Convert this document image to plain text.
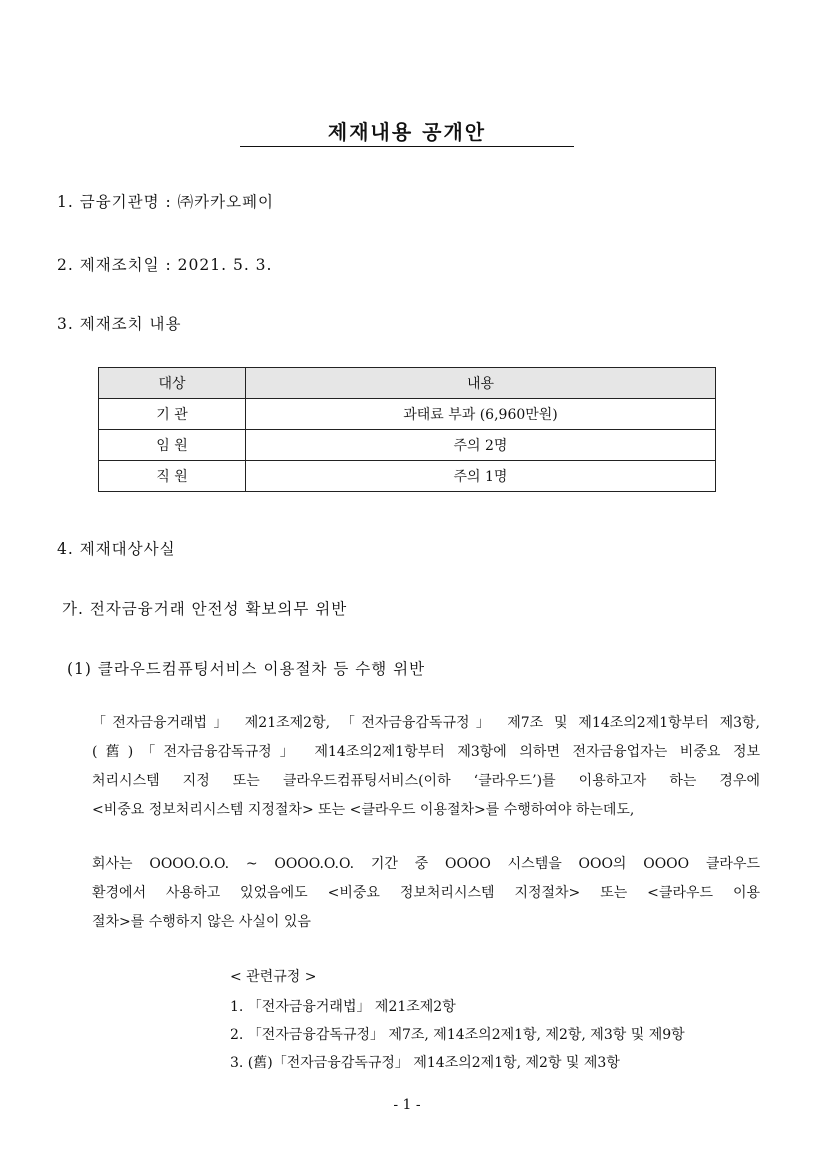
제재내용 공개안
1. 금융기관명 : ㈜카카오페이
2. 제재조치일 : 2021. 5. 3.
3. 제재조치 내용
대상	내용
기 관	과태료 부과 (6,960만원)
임 원	주의 2명
직 원	주의 1명
4. 제재대상사실
가. 전자금융거래 안전성 확보의무 위반
(1) 클라우드컴퓨팅서비스 이용절차 등 수행 위반
「전자금융거래법」 제21조제2항, 「전자금융감독규정」 제7조 및 제14조의2제1항부터 제3항,
(舊)「전자금융감독규정」 제14조의2제1항부터 제3항에 의하면 전자금융업자는 비중요 정보
처리시스템 지정 또는 클라우드컴퓨팅서비스(이하 ‘클라우드’)를 이용하고자 하는 경우에
<비중요 정보처리시스템 지정절차> 또는 <클라우드 이용절차>를 수행하여야 하는데도,
회사는 OOOO.O.O. ~ OOOO.O.O. 기간 중 OOOO 시스템을 OOO의 OOOO 클라우드
환경에서 사용하고 있었음에도 <비중요 정보처리시스템 지정절차> 또는 <클라우드 이용
절차>를 수행하지 않은 사실이 있음
< 관련규정 >
1. 「전자금융거래법」 제21조제2항
2. 「전자금융감독규정」 제7조, 제14조의2제1항, 제2항, 제3항 및 제9항
3. (舊)「전자금융감독규정」 제14조의2제1항, 제2항 및 제3항
- 1 -
